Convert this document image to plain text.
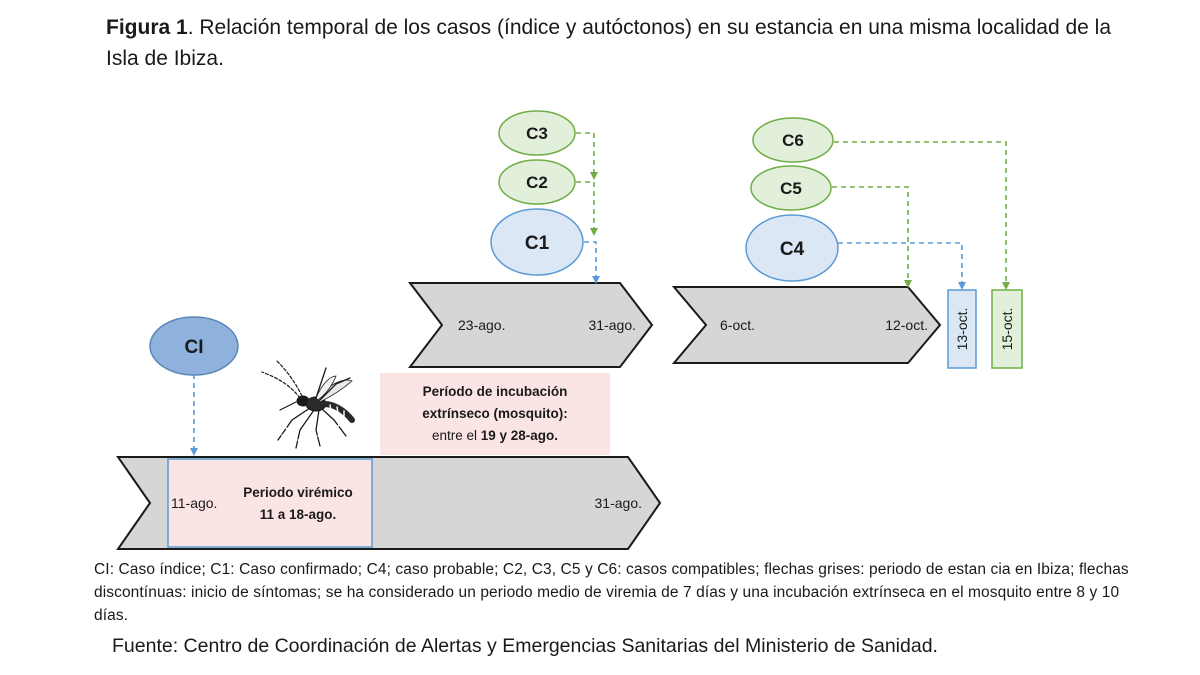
Figura 1. Relación temporal de los casos (índice y autóctonos) en su estancia en una misma localidad de la Isla de Ibiza.
CI
C3
C2
C1
C6
C5
C4
23-ago.	31-ago.	6-oct.	12-oct.
11-ago.	31-ago.
13-oct. 15-oct.
Periodo virémico
11 a 18-ago.
Período de incubación
extrínseco (mosquito):
entre el 19 y 28-ago.
CI: Caso índice; C1: Caso confirmado; C4; caso probable; C2, C3, C5 y C6: casos compatibles; flechas grises: periodo de estan cia en Ibiza; flechas discontínuas: inicio de síntomas; se ha considerado un periodo medio de viremia de 7 días y una incubación extrínseca en el mosquito entre 8 y 10 días.
Fuente: Centro de Coordinación de Alertas y Emergencias Sanitarias del Ministerio de Sanidad.
